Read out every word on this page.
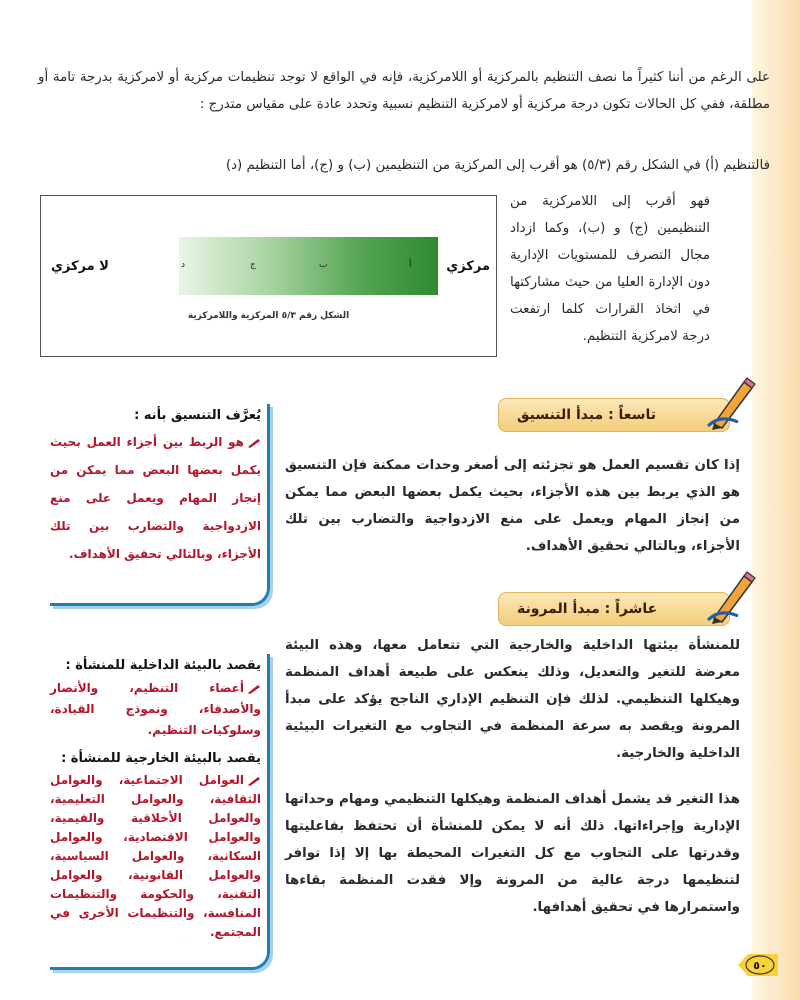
على الرغم من أننا كثيراً ما نصف التنظيم بالمركزية أو اللامركزية، فإنه في الواقع لا توجد تنظيمات مركزية أو لامركزية بدرجة تامة أو مطلقة، ففي كل الحالات تكون درجة مركزية أو لامركزية التنظيم نسبية وتحدد عادة على مقياس متدرج :

فالتنظيم (أ) في الشكل رقم (٥/٣) هو أقرب إلى المركزية من التنظيمين (ب) و (ج)، أما التنظيم (د)

فهو أقرب إلى اللامركزية من التنظيمين (ج) و (ب)، وكما ازداد مجال التصرف للمستويات الإدارية دون الإدارة العليا من حيث مشاركتها في اتخاذ القرارات كلما ارتفعت درجة لامركزية التنظيم.

مركزي
لا مركزي	أ
ب
ج
د
الشكل رقم ٥/٣ المركزية واللامركزية
تاسعاً : مبدأ التنسيق

إذا كان تقسيم العمل هو تجزئته إلى أصغر وحدات ممكنة فإن التنسيق هو الذي يربط بين هذه الأجزاء، بحيث يكمل بعضها البعض مما يمكن من إنجاز المهام ويعمل على منع الازدواجية والتضارب بين تلك الأجزاء، وبالتالي تحقيق الأهداف.

يُعرَّف التنسيق بأنه :

هو الربط بين أجزاء العمل بحيث يكمل بعضها البعض مما يمكن من إنجاز المهام ويعمل على منع الازدواجية والتضارب بين تلك الأجزاء، وبالتالي تحقيق الأهداف.

عاشراً : مبدأ المرونة

للمنشأة بيئتها الداخلية والخارجية التي تتعامل معها، وهذه البيئة معرضة للتغير والتعديل، وذلك ينعكس على طبيعة أهداف المنظمة وهيكلها التنظيمي. لذلك فإن التنظيم الإداري الناجح يؤكد على مبدأ المرونة ويقصد به سرعة المنظمة في التجاوب مع التغيرات البيئية الداخلية والخارجية.

هذا التغير قد يشمل أهداف المنظمة وهيكلها التنظيمي ومهام وحداتها الإدارية وإجراءاتها. ذلك أنه لا يمكن للمنشأة أن تحتفظ بفاعليتها وقدرتها على التجاوب مع كل التغيرات المحيطة بها إلا إذا توافر لتنظيمها درجة عالية من المرونة وإلا فقدت المنظمة بقاءها واستمرارها في تحقيق أهدافها.

يقصد بالبيئة الداخلية للمنشأة :

أعضاء التنظيم، والأنصار والأصدقاء، ونموذج القيادة، وسلوكيات التنظيم.

يقصد بالبيئة الخارجية للمنشأة :

العوامل الاجتماعية، والعوامل الثقافية، والعوامل التعليمية، والعوامل الأخلاقية والقيمية، والعوامل الاقتصادية، والعوامل السكانية، والعوامل السياسية، والعوامل القانونية، والعوامل التقنية، والحكومة والتنظيمات المنافسة، والتنظيمات الأخرى في المجتمع.

٥٠
